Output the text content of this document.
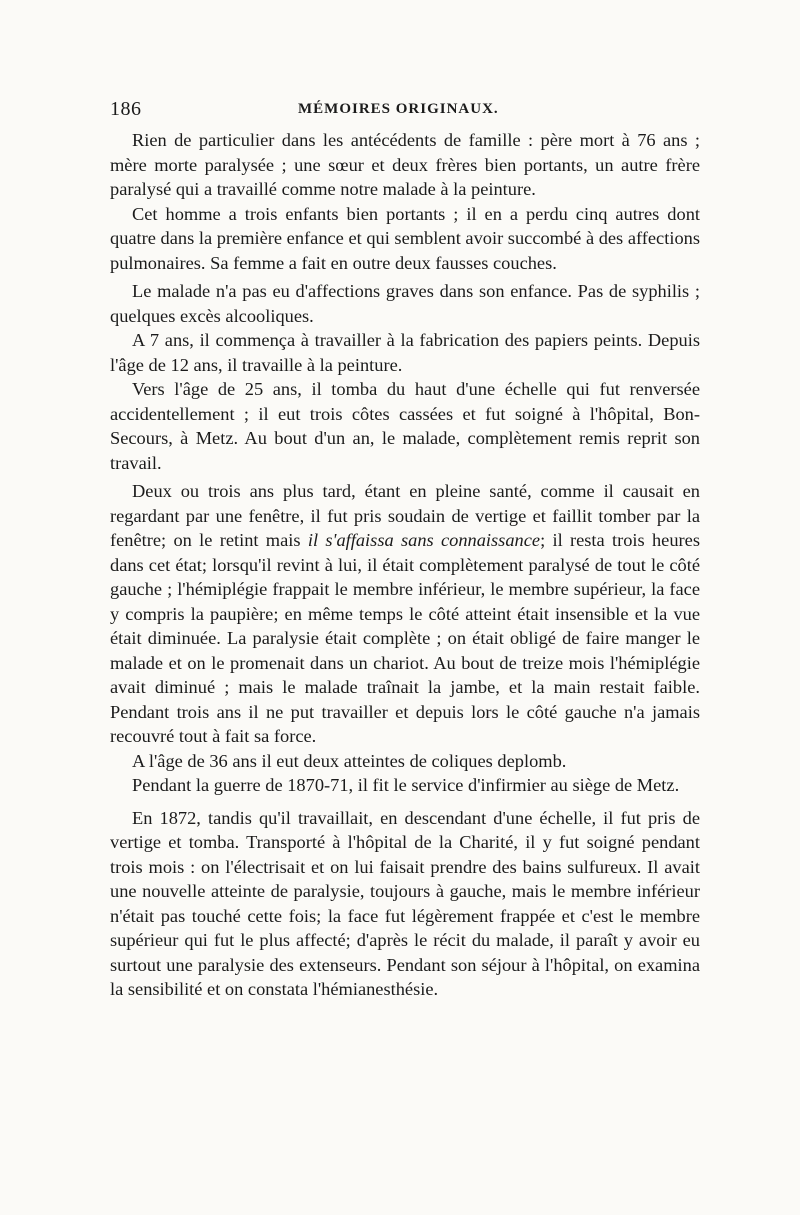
186	MÉMOIRES ORIGINAUX.

Rien de particulier dans les antécédents de famille : père mort à 76 ans ; mère morte paralysée ; une sœur et deux frères bien portants, un autre frère paralysé qui a travaillé comme notre malade à la peinture.

Cet homme a trois enfants bien portants ; il en a perdu cinq autres dont quatre dans la première enfance et qui semblent avoir succombé à des affections pulmonaires. Sa femme a fait en outre deux fausses couches.

Le malade n'a pas eu d'affections graves dans son enfance. Pas de syphilis ; quelques excès alcooliques.

A 7 ans, il commença à travailler à la fabrication des papiers peints. Depuis l'âge de 12 ans, il travaille à la peinture.

Vers l'âge de 25 ans, il tomba du haut d'une échelle qui fut renversée accidentellement ; il eut trois côtes cassées et fut soigné à l'hôpital, Bon-Secours, à Metz. Au bout d'un an, le malade, complètement remis reprit son travail.

Deux ou trois ans plus tard, étant en pleine santé, comme il causait en regardant par une fenêtre, il fut pris soudain de vertige et faillit tomber par la fenêtre; on le retint mais il s'affaissa sans connaissance; il resta trois heures dans cet état; lorsqu'il revint à lui, il était complètement paralysé de tout le côté gauche ; l'hémiplégie frappait le membre inférieur, le membre supérieur, la face y compris la paupière; en même temps le côté atteint était insensible et la vue était diminuée. La paralysie était complète ; on était obligé de faire manger le malade et on le promenait dans un chariot. Au bout de treize mois l'hémiplégie avait diminué ; mais le malade traînait la jambe, et la main restait faible. Pendant trois ans il ne put travailler et depuis lors le côté gauche n'a jamais recouvré tout à fait sa force.

A l'âge de 36 ans il eut deux atteintes de coliques deplomb.

Pendant la guerre de 1870-71, il fit le service d'infirmier au siège de Metz.

En 1872, tandis qu'il travaillait, en descendant d'une échelle, il fut pris de vertige et tomba. Transporté à l'hôpital de la Charité, il y fut soigné pendant trois mois : on l'électrisait et on lui faisait prendre des bains sulfureux. Il avait une nouvelle atteinte de paralysie, toujours à gauche, mais le membre inférieur n'était pas touché cette fois; la face fut légèrement frappée et c'est le membre supérieur qui fut le plus affecté; d'après le récit du malade, il paraît y avoir eu surtout une paralysie des extenseurs. Pendant son séjour à l'hôpital, on examina la sensibilité et on constata l'hémianesthésie.
